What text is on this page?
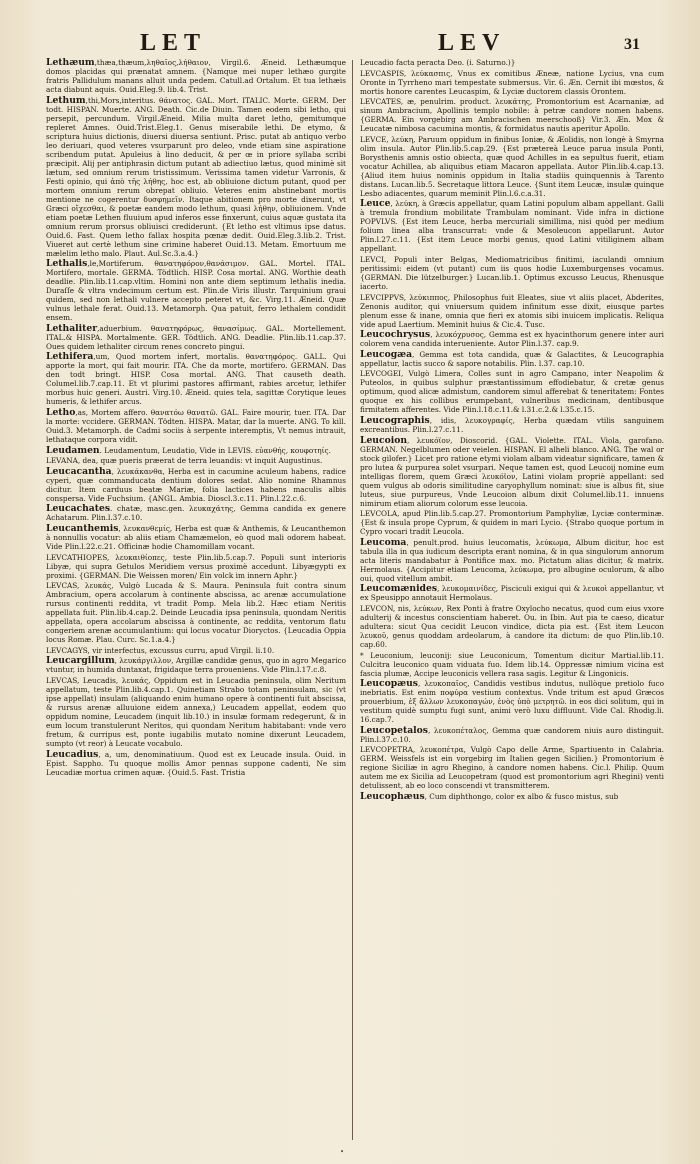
LET	LEV	31

Lethæum,thæa,thæum,ληθαῖος,λήθαιον, Virgil.6. Æneid. Lethæumque domos placidas qui prænatat amnem. {Namque mei nuper lethæo gurgite fratris Pallidulum manans alluit unda pedem. Catull.ad Ortalum. Et tua lethæis acta diabunt aquis. Ouid.Eleg.9. lib.4. Trist.

Lethum,thi,Mors,interitus. θάνατος. GAL. Mort. ITALIC. Morte. GERM. Der todt. HISPAN. Muerte. ANG. Death. Cic.de Diuin. Tamen eodem sibi letho, qui persepit, percundum. Virgil.Æneid. Milia multa daret letho, gemitumque repleret Amnes. Ouid.Trist.Eleg.1. Genus miserabile lethi. De etymo, & scriptura huius dictionis, diuersi diuersa sentiunt. Prisc. putat ab antiquo verbo leo deriuari, quod veteres vsurparunt pro deleo, vnde etiam sine aspiratione scribendum putat. Apuleius à lino deducit, & per œ in priore syllaba scribi præcipit. Alij per antiphrasin dictum putant ab adiectiuo lætus, quod minimè sit lætum, sed omnium rerum tristissimum. Verissima tamen videtur Varronis, & Festi opinio, qui ἀπὸ τῆς λήθης, hoc est, ab obliuione dictum putant, quod per mortem omnium rerum obrepat obliuio. Veteres enim abstinebant mortis mentione ne cogerentur δυσφημεῖν. Itaque abitionem pro morte dixerunt, vt Græci οἴχεσθαι, & poetæ eandem modo lethum, quasi λήθην, obliuionem. Vnde etiam poetæ Lethen fluuium apud inferos esse finxerunt, cuius aquæ gustata ita omnium rerum prorsus obliuisci crediderunt. {Et letho est vltimus ipse datus. Ouid.6. Fast. Quem letho fallax hospita pœnæ dedit. Ouid.Eleg.3.lib.2. Trist. Viueret aut certè lethum sine crimine haberet Ouid.13. Metam. Emortuum me mælelim letho malo. Plaut. Aul.Sc.3.a.4.}

Lethalis,le,Mortiferum. θανατηφόρον,θανάσιμον. GAL. Mortel. ITAL. Mortifero, mortale. GERMA. Tödtlich. HISP. Cosa mortal. ANG. Worthie death deadlie. Plin.lib.11.cap.vltim. Homini non ante diem septimum lethalis inedia. Duraſſe & vltra vndecimum certum est. Plin.de Viris illustr. Tarquinium graui quidem, sed non lethali vulnere accepto peteret vt, &c. Virg.11. Æneid. Quæ vulnus lethale ferat. Ouid.13. Metamorph. Qua patuit, ferro lethalem condidit ensem.

Lethaliter,aduerbium. θανατηφόρως, θανασίμως. GAL. Mortellement. ITAL.& HISPA. Mortalmente. GER. Tödtlich. ANG. Deadlie. Plin.lib.11.cap.37. Oues quidem lethaliter circum renes concreto pingui.

Lethifera,um, Quod mortem infert, mortalis. θανατηφόρος. GALL. Qui apporte la mort, qui fait mourir. ITA. Che da morte, mortifero. GERMAN. Das den todt bringt. HISP. Cosa mortal. ANG. That causeth death. Columel.lib.7.cap.11. Et vt plurimi pastores affirmant, rabies arcetur, lethifer morbus huic generi. Austri. Virg.10. Æneid. quies tela, sagittæ Corytique leues humeris, & lethifer arcus.

Letho,as, Mortem affero. θανατόω θανατῶ. GAL. Faire mourir, tuer. ITA. Dar la morte: vccidere. GERMAN. Tödten. HISPA. Matar, dar la muerte. ANG. To kill. Ouid.3. Metamorph. de Cadmi sociis à serpente interemptis, Vt nemus intrauit, lethataque corpora vidit.

Leudamen. Leudamentum, Leudatio, Vide in LEVIS. εὐανθής, κουφοτηίς.

LEVANA, dea, quæ pueris præerat de terra leuandis: vt inquit Augustinus.

Leucacantha, λευκάκανθα, Herba est in cacumine aculeum habens, radice cyperi, quæ commanducata dentium dolores sedat. Alio nomine Rhamnus dicitur. Item carduus beatæ Mariæ, folia lactices habens maculis albis conspersa. Vide Fuchsium. {ANGL. Ambia. Dioscl.3.c.11. Plin.l.22.c.6.

Leucachates. chatæ, masc.gen. λευκαχάτης, Gemma candida ex genere Achatarum. Plin.l.37.c.10.

Leucanthemis, λευκανθεμίς, Herba est quæ & Anthemis, & Leucanthemon à nonnullis vocatur: ab aliis etiam Chamæmelon, eò quod mali odorem habeat. Vide Plin.l.22.c.21. Officinæ hodie Chamomillam vocant.

LEVCATHIOPES, λευκαιθίοπες, teste Plin.lib.5.cap.7. Populi sunt interioris Libyæ, qui supra Getulos Meridiem versus proximè accedunt. Libyægypti ex proximi. {GERMAN. Die Weissen moren/ Ein volck im innern Aphr.}

LEVCAS, λευκάς, Vulgò Lucada & S. Maura. Peninsula fuit contra sinum Ambracium, opera accolarum à continente abscissa, ac arenæ accumulatione rursus continenti reddita, vt tradit Pomp. Mela lib.2. Hæc etiam Neritis appellata fuit. Plin.lib.4.cap.2. Deinde Leucadia ipsa peninsula, quondam Neritis appellata, opera accolarum abscissa à continente, ac reddita, ventorum flatu congeriem arenæ accumulantium: qui locus vocatur Dioryctos. {Leucadia Oppia locus Romæ. Plau. Curc. Sc.1.a.4.}

LEVCAGYS, vir interfectus, excussus curru, apud Virgil. li.10.

Leucargillum, λευκάργιλλον, Argillæ candidæ genus, quo in agro Megarico vtuntur, in humida duntaxat, frigidaque terra proueniens. Vide Plin.l.17.c.8.

LEVCAS, Leucadis, λευκάς, Oppidum est in Leucadia peninsula, olim Neritum appellatum, teste Plin.lib.4.cap.1. Quinetiam Strabo totam peninsulam, sic (vt ipse appellat) insulam (aliquando enim humano opere à continenti fuit abscissa, & rursus arenæ alluuione eidem annexa,) Leucadem appellat, eodem quo oppidum nomine, Leucadem (inquit lib.10.) in insulæ formam redegerunt, & in eum locum transtulerunt Neritos, qui quondam Neritum habitabant: vnde vero fretum, & curripus est, ponte iugabilis mutato nomine dixerunt Leucadem, sumpto (vt reor) à Leucate vocabulo.

Leucadius, a, um, denominatiuum. Quod est ex Leucade insula. Ouid. in Epist. Sappho. Tu quoque mollis Amor pennas suppone cadenti, Ne sim Leucadiæ mortua crimen aquæ. {Ouid.5. Fast. Tristia

Leucadio facta peracta Deo. (i. Saturno.)}

LEVCASPIS, λεύκασπις, Vnus ex comitibus Æneæ, natione Lycius, vna cum Oronte in Tyrrheno mari tempestate submersus. Vir. 6. Æn. Cernit ibi mœstos, & mortis honore carentes Leucaspim, & Lyciæ ductorem classis Orontem.

LEVCATES, æ, penulrim. product. λευκάτης, Promontorium est Acarnaniæ, ad sinum Ambracium, Apollinis templo nobile: à petræ candore nomen habens. {GERMA. Ein vorgebirg am Ambracischen meerschooß} Vir.3. Æn. Mox & Leucatæ nimbosa cacumina montis, & formidatus nautis aperitur Apollo.

LEVCE, λεύκη, Paruum oppidum in finibus Ioniæ, & Æolidis, non longè à Smyrna olim insula. Autor Plin.lib.5.cap.29. {Est prætereà Leuce parua insula Ponti, Borysthenis amnis ostio obiecta, quæ quod Achilles in ea sepultus fuerit, etiam vocatur Achillea, ab aliquibus etiam Macaron appellata. Autor Plin.lib.4.cap.13. {Aliud item huius nominis oppidum in Italia stadiis quinquennis à Tarento distans. Lucan.lib.5. Secretaque littora Leuce. {Sunt item Leucæ, insulæ quinque Lesbo adiacentes, quarum meminit Plin.l.6.c.a.31.

Leuce, λεύκη, à Græcis appellatur, quam Latini populum albam appellant. Galli à tremula frondium mobilitate Trambulam nominant. Vide infra in dictione POPVLVS. {Est item Leuce, herba mercuriali simillima, nisi quòd per medium folium linea alba transcurrat: vnde & Mesoleucon appellarunt. Autor Plin.l.27.c.11. {Est item Leuce morbi genus, quod Latini vitiliginem albam appellant.

LEVCI, Populi inter Belgas, Mediomatricibus finitimi, iaculandi omnium peritissimi: eidem (vt putant) cum iis quos hodie Luxemburgenses vocamus. {GERMAN. Die lützelburger.} Lucan.lib.1. Optimus excusso Leucus, Rhenusque iacerto.

LEVCIPPVS, λεύκιππος, Philosophus fuit Eleates, siue vt aliis placet, Abderites, Zenonis auditor, qui vniuersum quidem infinitum esse dixit, eiusque partes plenum esse & inane, omnia que fieri ex atomis sibi inuicem implicatis. Reliqua vide apud Laertium. Meminit huius & Cic.4. Tusc.

Leucochrysus, λευκόχρυσος, Gemma est ex hyacinthorum genere inter auri colorem vena candida interueniente. Autor Plin.l.37. cap.9.

Leucogæa, Gemma est tota candida, quæ & Galactites, & Leucographia appellatur, lactis succo & sapore notabilis. Plin. l.37. cap.10.

LEVCOGEI, Vulgò Limera, Colles sunt in agro Campano, inter Neapolim & Puteolos, in quibus sulphur præstantissimum effodiebatur, & cretæ genus optimum, quod alicæ admistum, candorem simul afferebat & teneritatem: Fontes quoque ex his collibus erumpebant, vulneribus medicinam, dentibusque firmitatem afferentes. Vide Plin.l.18.c.11.& l.31.c.2.& l.35.c.15.

Leucographis, idis, λευκογραφίς, Herba quædam vtilis sanguinem excreantibus. Plin.l.27.c.11.

Leucoion, λευκόϊον, Dioscorid. {GAL. Violette. ITAL. Viola, garofano. GERMAN. Negelblumen oder veielen. HISPAN. El alheli blanco. ANG. The wal or stock gilofer.} Licet pro ratione etymi violam albam videatur significare, tamen & pro lutea & purpurea solet vsurpari. Neque tamen est, quod Leucoij nomine eum intelligas florem, quem Græci λευκόϊον, Latini violam propriè appellant: sed quem vulgus ab odoris similitudine caryophyllum nominat: siue is albus fit, siue luteus, siue purpureus, Vnde Leucoion album dixit Columel.lib.11. innuens nimirum etiam aliorum colorum esse leucoia.

LEVCOLA, apud Plin.lib.5.cap.27. Promontorium Pamphyliæ, Lyciæ conterminæ. {Est & insula prope Cyprum, & quidem in mari Lycio. {Strabo quoque portum in Cypro vocari tradit Leucola.

Leucoma, penult.prod. huius leucomatis, λεύκωμα, Album dicitur, hoc est tabula illa in qua iudicum descripta erant nomina, & in qua singulorum annorum acta literis mandabatur à Pontifice max. mo. Pictatum alias dicitur, & matrix. Hermolaus. {Accipitur etiam Leucoma, λεύκωμα, pro albugine oculorum, & albo oui, quod vitellum ambit.

Leucomænides, λευκομαινίδες, Pisciculi exigui qui & λευκοὶ appellantur, vt ex Speusippo annotauit Hermolaus.

LEVCON, nis, λεύκων, Rex Ponti à fratre Oxylocho necatus, quod cum eius vxore adulterij & incestus conscientiam haberet. Ou. in Ibin. Aut pia te caeso, dicatur adultera: sicut Qua cecidit Leucon vindice, dicta pia est. {Est item Leucon λευκοῦ, genus quoddam ardeolarum, à candore ita dictum: de quo Plin.lib.10. cap.60.

* Leuconium, leuconij: siue Leuconicum, Tomentum dicitur Martial.lib.11. Culcitra leuconico quam viduata fuo. Idem lib.14. Oppressæ nimium vicina est fascia plumæ, Accipe leuconicis vellera rasa sagis. Legitur & Lingonicis.

Leucopæus, λευκοπαῖος, Candidis vestibus indutus, nullòque pretiolo fuco inebriatis. Est enim ποφύρα vestium contextus. Vnde tritum est apud Græcos prouerbium, ἐξ ἄλλων λευκοπαγών, ἑνὸς ὑπὸ μετρητῶ. in eos dici solitum, qui in vestitum quidè sumptu fugi sunt, animi verò luxu diffluunt. Vide Cal. Rhodig.li. 16.cap.7.

Leucopetalos, λευκοπέταλος, Gemma quæ candorem niuis auro distinguit. Plin.l.37.c.10.

LEVCOPETRA, λευκοπέτρα, Vulgò Capo delle Arme, Spartiuento in Calabria. GERM. Weissfels ist ein vorgebirg im Italien gegen Sicilien.} Promontorium è regione Siciliæ in agro Rhegino, à candore nomen habens. Cic.l. Philip. Quum autem me ex Sicilia ad Leucopetram (quod est promontorium agri Rhegini) venti detulissent, ab eo loco conscendi vt transmitterem.

Leucophæus, Cum diphthongo, color ex albo & fusco mistus, sub

•
